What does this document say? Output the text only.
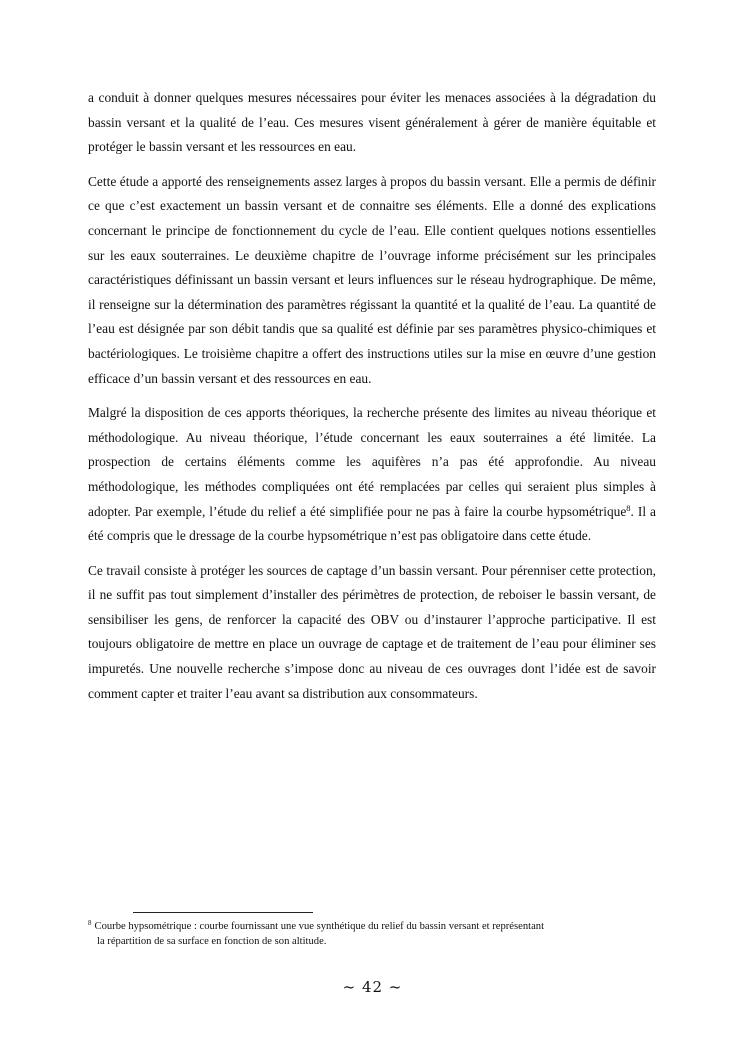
a conduit à donner quelques mesures nécessaires pour éviter les menaces associées à la dégradation du bassin versant et la qualité de l’eau. Ces mesures visent généralement à gérer de manière équitable et protéger le bassin versant et les ressources en eau.

Cette étude a apporté des renseignements assez larges à propos du bassin versant. Elle a permis de définir ce que c’est exactement un bassin versant et de connaitre ses éléments. Elle a donné des explications concernant le principe de fonctionnement du cycle de l’eau. Elle contient quelques notions essentielles sur les eaux souterraines. Le deuxième chapitre de l’ouvrage informe précisément sur les principales caractéristiques définissant un bassin versant et leurs influences sur le réseau hydrographique. De même, il renseigne sur la détermination des paramètres régissant la quantité et la qualité de l’eau. La quantité de l’eau est désignée par son débit tandis que sa qualité est définie par ses paramètres physico-chimiques et bactériologiques. Le troisième chapitre a offert des instructions utiles sur la mise en œuvre d’une gestion efficace d’un bassin versant et des ressources en eau.

Malgré la disposition de ces apports théoriques, la recherche présente des limites au niveau théorique et méthodologique. Au niveau théorique, l’étude concernant les eaux souterraines a été limitée. La prospection de certains éléments comme les aquifères n’a pas été approfondie. Au niveau méthodologique, les méthodes compliquées ont été remplacées par celles qui seraient plus simples à adopter. Par exemple, l’étude du relief a été simplifiée pour ne pas à faire la courbe hypsométrique$^8$. Il a été compris que le dressage de la courbe hypsométrique n’est pas obligatoire dans cette étude.

Ce travail consiste à protéger les sources de captage d’un bassin versant. Pour pérenniser cette protection, il ne suffit pas tout simplement d’installer des périmètres de protection, de reboiser le bassin versant, de sensibiliser les gens, de renforcer la capacité des OBV ou d’instaurer l’approche participative. Il est toujours obligatoire de mettre en place un ouvrage de captage et de traitement de l’eau pour éliminer ses impuretés. Une nouvelle recherche s’impose donc au niveau de ces ouvrages dont l’idée est de savoir comment capter et traiter l’eau avant sa distribution aux consommateurs.

$^8$ Courbe hypsométrique : courbe fournissant une vue synthétique du relief du bassin versant et représentant
la répartition de sa surface en fonction de son altitude.
~ 42 ~
